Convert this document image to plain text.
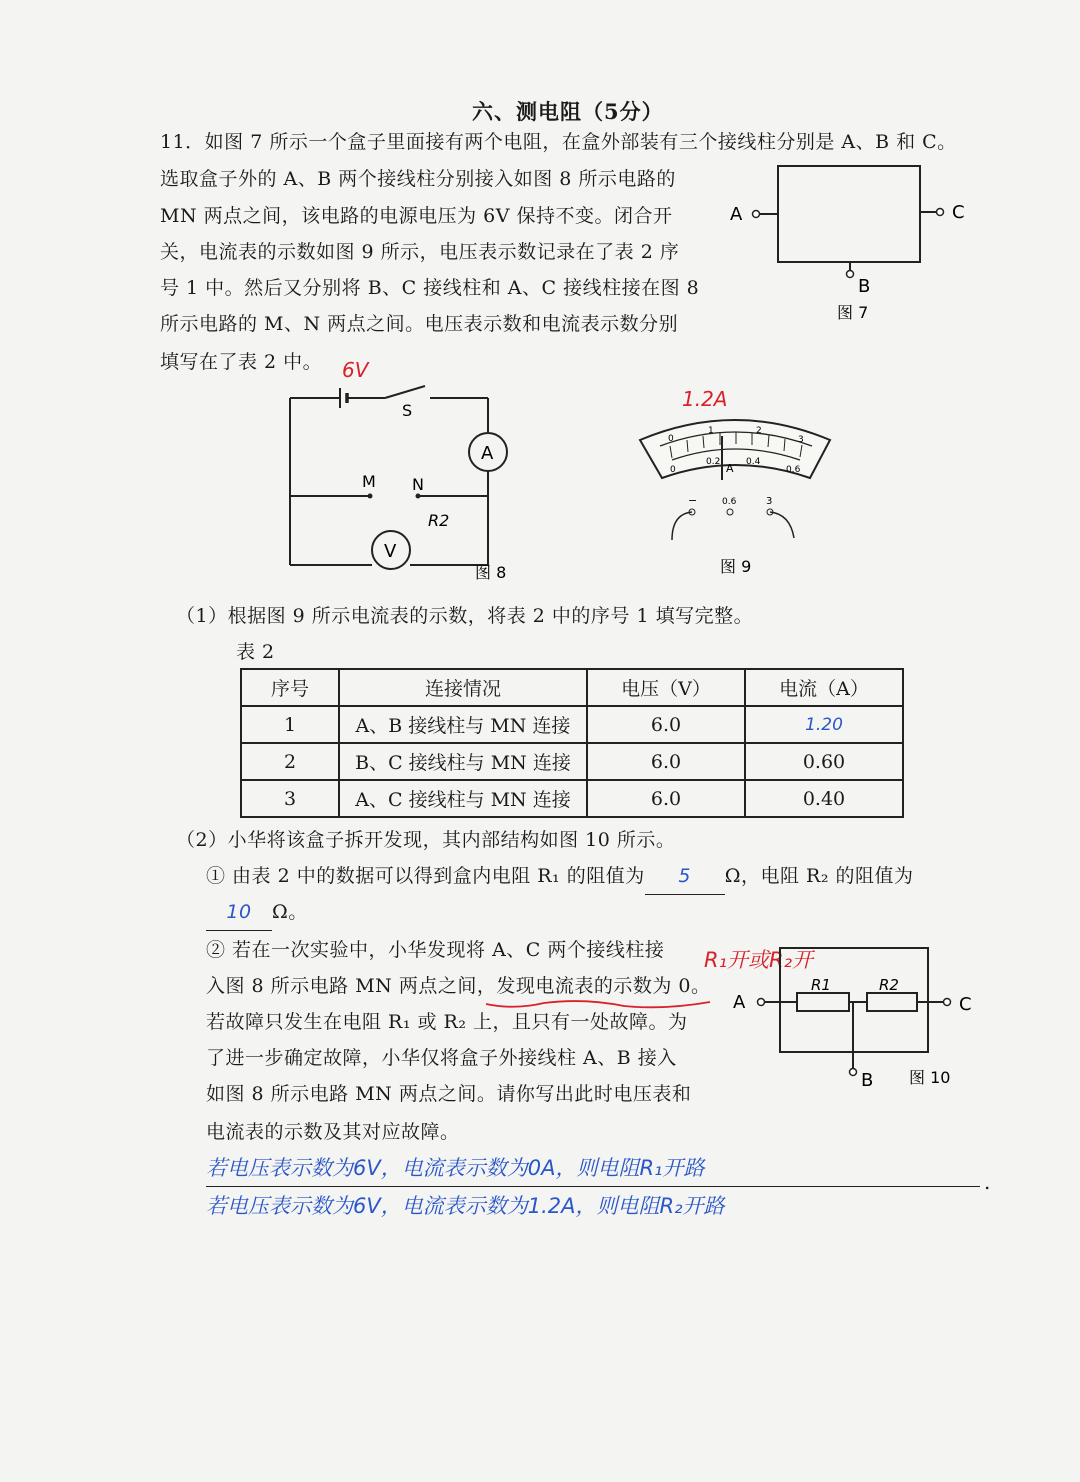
六、测电阻（5分）
11．如图 7 所示一个盒子里面接有两个电阻，在盒外部装有三个接线柱分别是 A、B 和 C。
选取盒子外的 A、B 两个接线柱分别接入如图 8 所示电路的
MN 两点之间，该电路的电源电压为 6V 保持不变。闭合开
关，电流表的示数如图 9 所示，电压表示数记录在了表 2 序
号 1 中。然后又分别将 B、C 接线柱和 A、C 接线柱接在图 8
所示电路的 M、N 两点之间。电压表示数和电流表示数分别
填写在了表 2 中。
A	C
B
图 7
6V
S
A
M N
R2
V
图 8
1.2A
0
1	2
3
0
0.2	0.4
0.6
A
−	0.6	3
图 9
（1）根据图 9 所示电流表的示数，将表 2 中的序号 1 填写完整。
表 2
序号	连接情况	电压（V）	电流（A）
1	A、B 接线柱与 MN 连接	6.0	1.20
2	B、C 接线柱与 MN 连接	6.0	0.60
3	A、C 接线柱与 MN 连接	6.0	0.40
（2）小华将该盒子拆开发现，其内部结构如图 10 所示。
① 由表 2 中的数据可以得到盒内电阻 R₁ 的阻值为 5 Ω，电阻 R₂ 的阻值为
10 Ω。
② 若在一次实验中，小华发现将 A、C 两个接线柱接
入图 8 所示电路 MN 两点之间，发现电流表的示数为 0。
R₁开或R₂开
若故障只发生在电阻 R₁ 或 R₂ 上，且只有一处故障。为
了进一步确定故障，小华仅将盒子外接线柱 A、B 接入
如图 8 所示电路 MN 两点之间。请你写出此时电压表和
电流表的示数及其对应故障。
A	C
B
R1	R2
图 10
若电压表示数为6V，电流表示数为0A，则电阻R₁开路
.
若电压表示数为6V，电流表示数为1.2A，则电阻R₂开路
